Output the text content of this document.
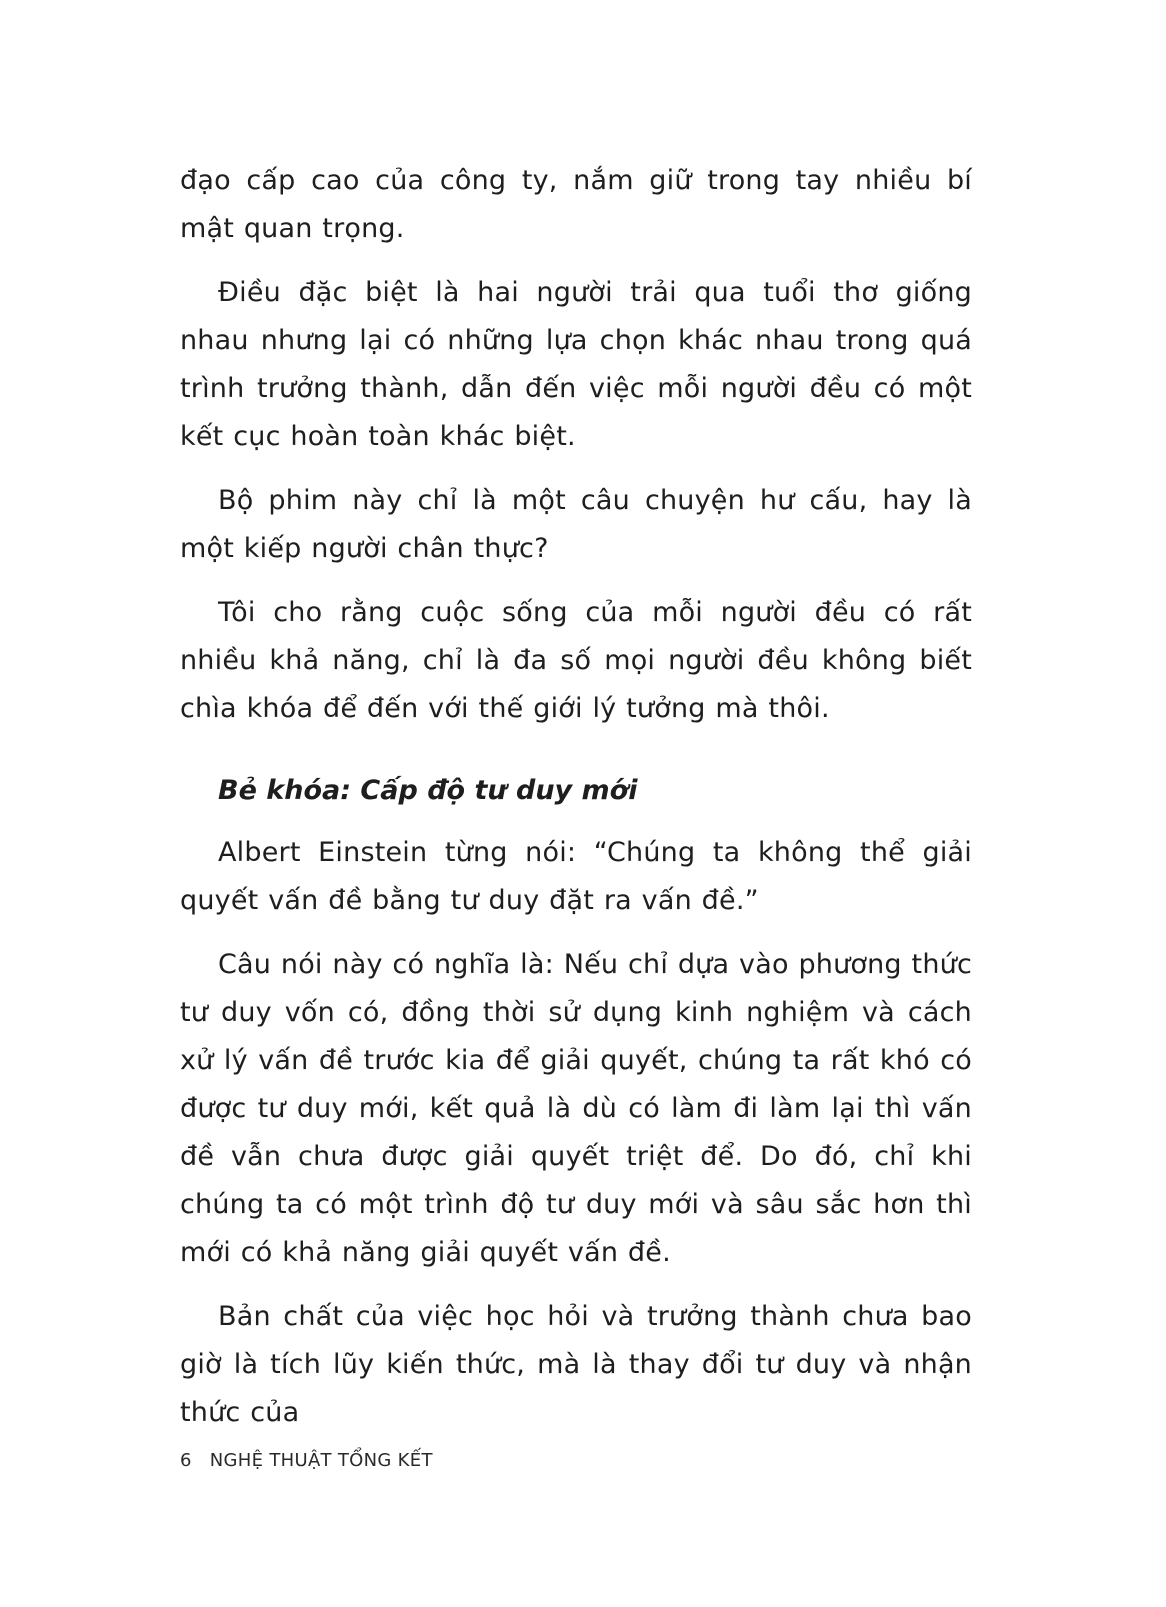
đạo cấp cao của công ty, nắm giữ trong tay nhiều bí mật quan trọng.

Điều đặc biệt là hai người trải qua tuổi thơ giống nhau nhưng lại có những lựa chọn khác nhau trong quá trình trưởng thành, dẫn đến việc mỗi người đều có một kết cục hoàn toàn khác biệt.

Bộ phim này chỉ là một câu chuyện hư cấu, hay là một kiếp người chân thực?

Tôi cho rằng cuộc sống của mỗi người đều có rất nhiều khả năng, chỉ là đa số mọi người đều không biết chìa khóa để đến với thế giới lý tưởng mà thôi.

Bẻ khóa: Cấp độ tư duy mới

Albert Einstein từng nói: “Chúng ta không thể giải quyết vấn đề bằng tư duy đặt ra vấn đề.”

Câu nói này có nghĩa là: Nếu chỉ dựa vào phương thức tư duy vốn có, đồng thời sử dụng kinh nghiệm và cách xử lý vấn đề trước kia để giải quyết, chúng ta rất khó có được tư duy mới, kết quả là dù có làm đi làm lại thì vấn đề vẫn chưa được giải quyết triệt để. Do đó, chỉ khi chúng ta có một trình độ tư duy mới và sâu sắc hơn thì mới có khả năng giải quyết vấn đề.

Bản chất của việc học hỏi và trưởng thành chưa bao giờ là tích lũy kiến thức, mà là thay đổi tư duy và nhận thức của

6 NGHỆ THUẬT TỔNG KẾT
